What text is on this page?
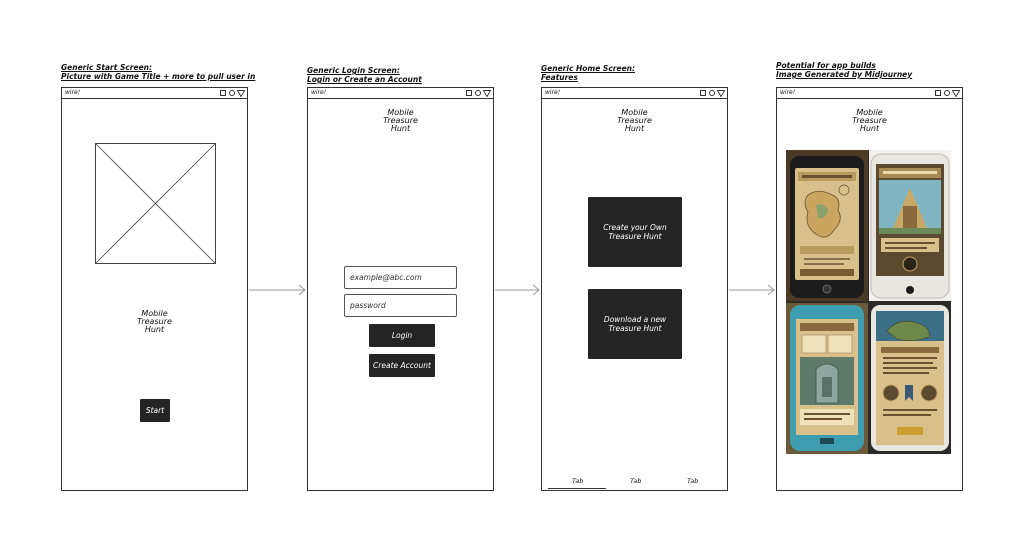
Generic Start Screen:
Picture with Game Title + more to pull user in
Generic Login Screen:
Login or Create an Account
Generic Home Screen:
Features
Potential for app builds
Image Generated by Midjourney
wire!
Mobile
Treasure
Hunt
Start
wire!
Mobile
Treasure
Hunt
example@abc.com
password
Login
Create Account
wire!
Mobile
Treasure
Hunt
Create your Own
Treasure Hunt
Download a new
Treasure Hunt
Tab	Tab	Tab
wire!
Mobile
Treasure
Hunt
